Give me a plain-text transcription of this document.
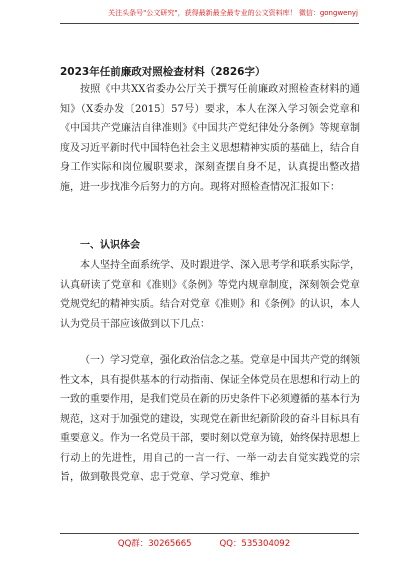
关注头条号"公文研究"，获得最新最全最专业的公文资料库！ 微信：gongwenyj
2023年任前廉政对照检查材料（2826字）

按照《中共XX省委办公厅关于撰写任前廉政对照检查材料的通知》（X委办发〔2015〕57号）要求，本人在深入学习领会党章和《中国共产党廉洁自律准则》《中国共产党纪律处分条例》等规章制度及习近平新时代中国特色社会主义思想精神实质的基础上，结合自身工作实际和岗位履职要求，深刻查摆自身不足，认真提出整改措施，进一步找准今后努力的方向。现将对照检查情况汇报如下：

一、认识体会

本人坚持全面系统学、及时跟进学、深入思考学和联系实际学，认真研读了党章和《准则》《条例》等党内规章制度，深刻领会党章党规党纪的精神实质。结合对党章《准则》和《条例》的认识，本人认为党员干部应该做到以下几点：

（一）学习党章，强化政治信念之基。党章是中国共产党的纲领性文本，具有提供基本的行动指南、保证全体党员在思想和行动上的一致的重要作用，是我们党员在新的历史条件下必须遵循的基本行为规范，这对于加强党的建设，实现党在新世纪新阶段的奋斗目标具有重要意义。作为一名党员干部，要时刻以党章为镜，始终保持思想上行动上的先进性，用自己的一言一行、一举一动去自觉实践党的宗旨，做到敬畏党章、忠于党章、学习党章、维护

QQ群：30265665	QQ：535304092
